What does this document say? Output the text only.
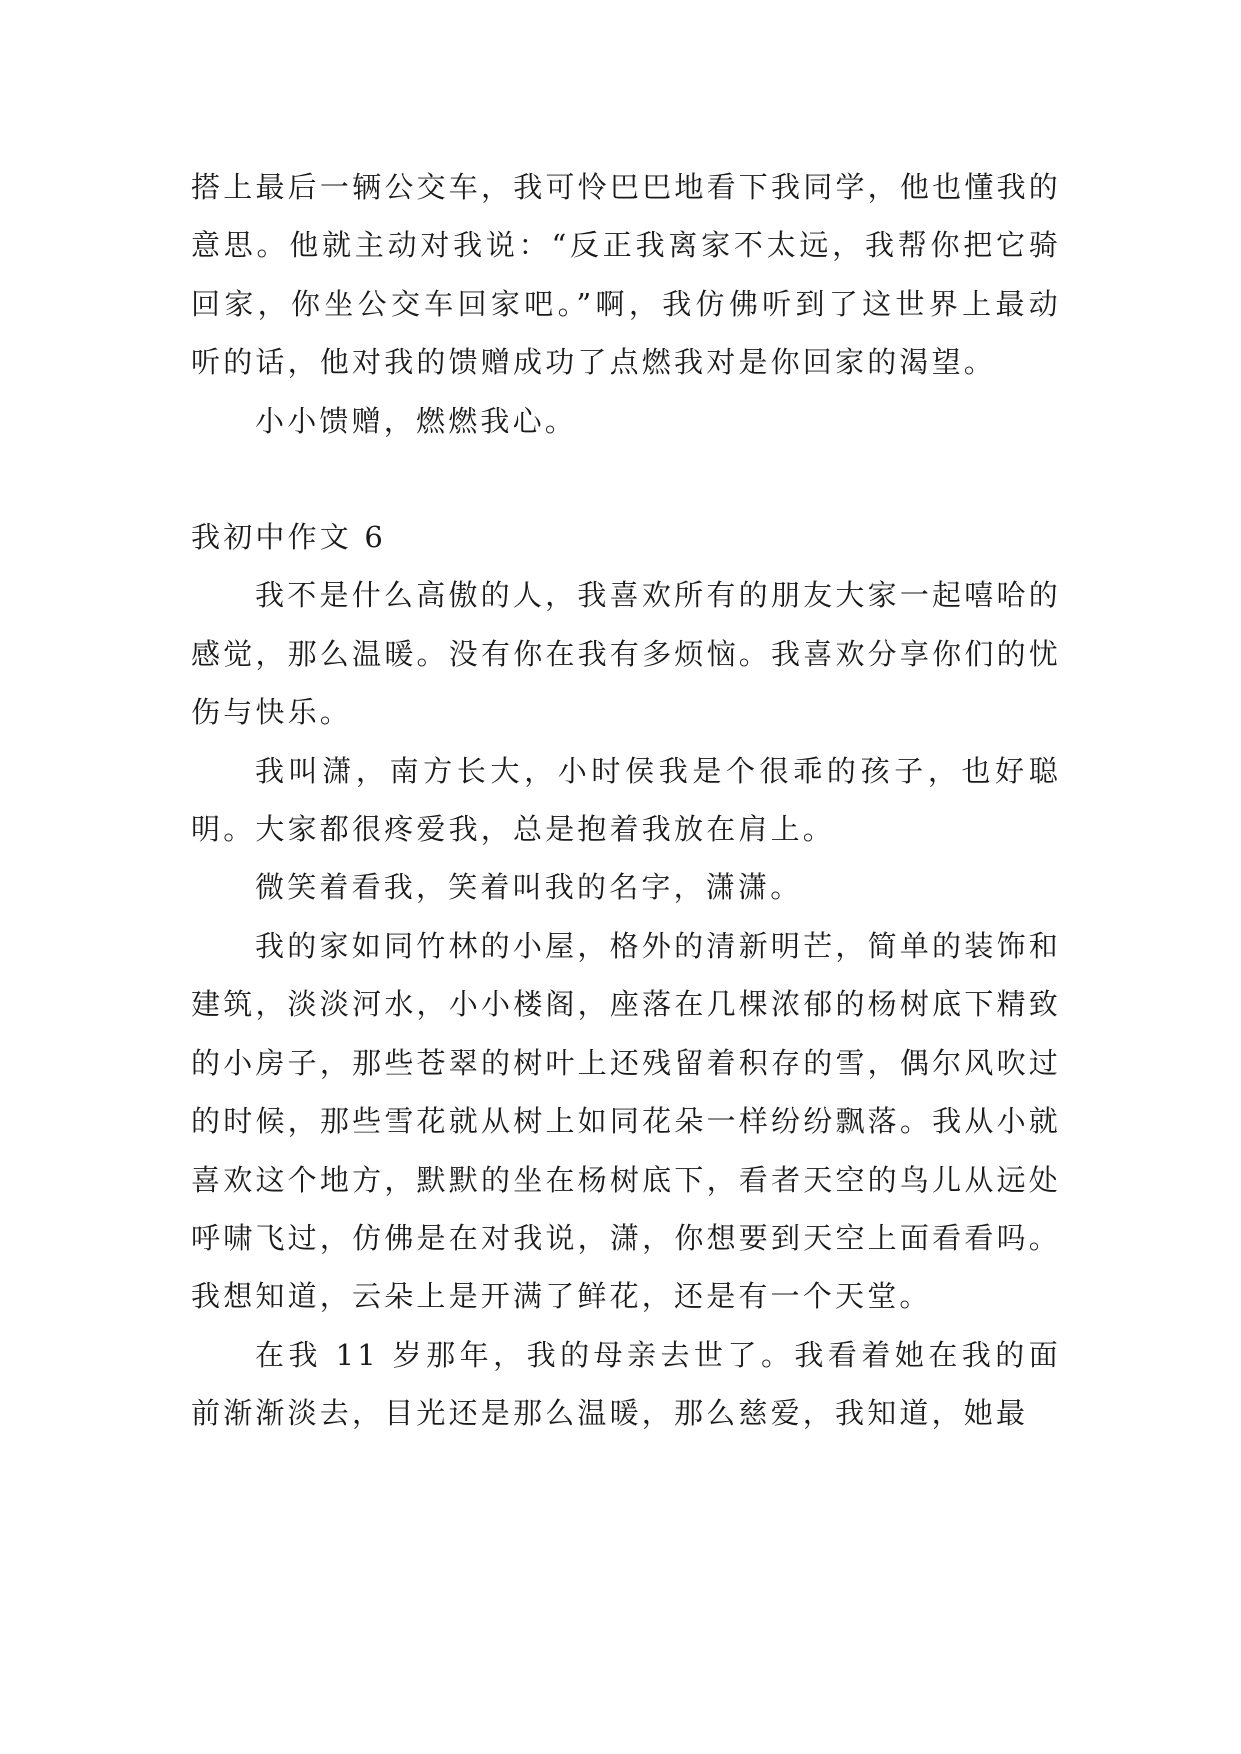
搭上最后一辆公交车，我可怜巴巴地看下我同学，他也懂我的意思。他就主动对我说：“反正我离家不太远，我帮你把它骑回家，你坐公交车回家吧。”啊，我仿佛听到了这世界上最动听的话，他对我的馈赠成功了点燃我对是你回家的渴望。

小小馈赠，燃燃我心。

我初中作文 6

我不是什么高傲的人，我喜欢所有的朋友大家一起嘻哈的感觉，那么温暖。没有你在我有多烦恼。我喜欢分享你们的忧伤与快乐。

我叫潇，南方长大，小时侯我是个很乖的孩子，也好聪明。大家都很疼爱我，总是抱着我放在肩上。

微笑着看我，笑着叫我的名字，潇潇。

我的家如同竹林的小屋，格外的清新明芒，简单的装饰和建筑，淡淡河水，小小楼阁，座落在几棵浓郁的杨树底下精致的小房子，那些苍翠的树叶上还残留着积存的雪，偶尔风吹过的时候，那些雪花就从树上如同花朵一样纷纷飘落。我从小就喜欢这个地方，默默的坐在杨树底下，看者天空的鸟儿从远处呼啸飞过，仿佛是在对我说，潇，你想要到天空上面看看吗。我想知道，云朵上是开满了鲜花，还是有一个天堂。

在我 11 岁那年，我的母亲去世了。我看着她在我的面前渐渐淡去，目光还是那么温暖，那么慈爱，我知道，她最
